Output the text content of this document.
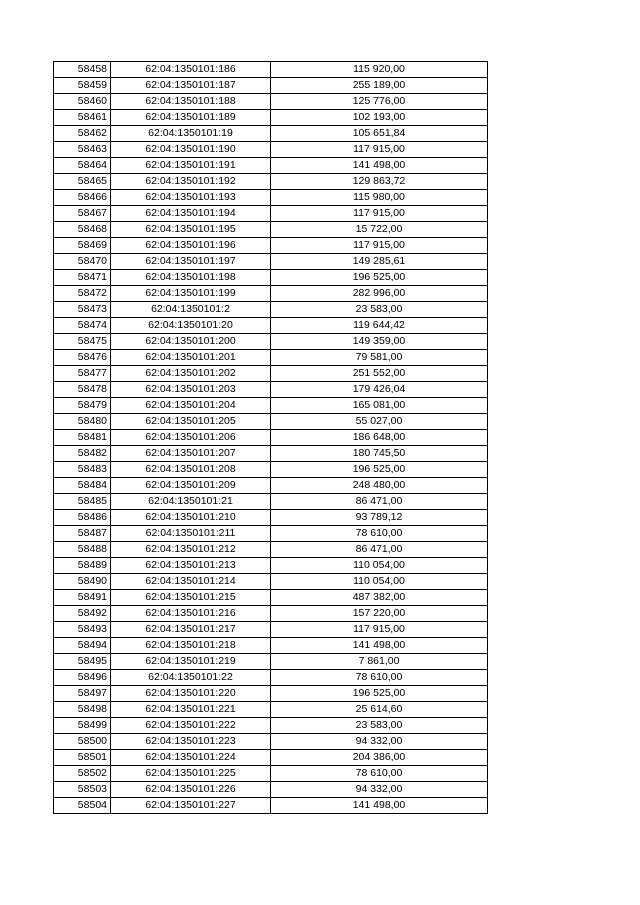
58458	62:04:1350101:186	115 920,00
58459	62:04:1350101:187	255 189,00
58460	62:04:1350101:188	125 776,00
58461	62:04:1350101:189	102 193,00
58462	62:04:1350101:19	105 651,84
58463	62:04:1350101:190	117 915,00
58464	62:04:1350101:191	141 498,00
58465	62:04:1350101:192	129 863,72
58466	62:04:1350101:193	115 980,00
58467	62:04:1350101:194	117 915,00
58468	62:04:1350101:195	15 722,00
58469	62:04:1350101:196	117 915,00
58470	62:04:1350101:197	149 285,61
58471	62:04:1350101:198	196 525,00
58472	62:04:1350101:199	282 996,00
58473	62:04:1350101:2	23 583,00
58474	62:04:1350101:20	119 644,42
58475	62:04:1350101:200	149 359,00
58476	62:04:1350101:201	79 581,00
58477	62:04:1350101:202	251 552,00
58478	62:04:1350101:203	179 426,04
58479	62:04:1350101:204	165 081,00
58480	62:04:1350101:205	55 027,00
58481	62:04:1350101:206	186 648,00
58482	62:04:1350101:207	180 745,50
58483	62:04:1350101:208	196 525,00
58484	62:04:1350101:209	248 480,00
58485	62:04:1350101:21	86 471,00
58486	62:04:1350101:210	93 789,12
58487	62:04:1350101:211	78 610,00
58488	62:04:1350101:212	86 471,00
58489	62:04:1350101:213	110 054,00
58490	62:04:1350101:214	110 054,00
58491	62:04:1350101:215	487 382,00
58492	62:04:1350101:216	157 220,00
58493	62:04:1350101:217	117 915,00
58494	62:04:1350101:218	141 498,00
58495	62:04:1350101:219	7 861,00
58496	62:04:1350101:22	78 610,00
58497	62:04:1350101:220	196 525,00
58498	62:04:1350101:221	25 614,60
58499	62:04:1350101:222	23 583,00
58500	62:04:1350101:223	94 332,00
58501	62:04:1350101:224	204 386,00
58502	62:04:1350101:225	78 610,00
58503	62:04:1350101:226	94 332,00
58504	62:04:1350101:227	141 498,00
